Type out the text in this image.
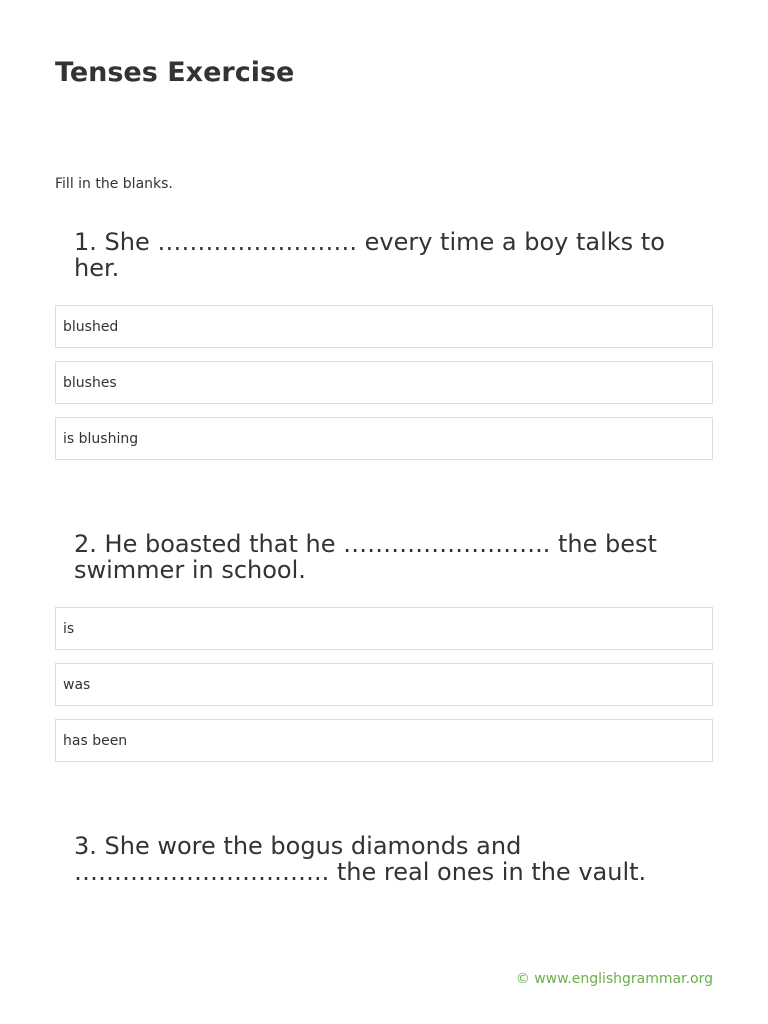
Tenses Exercise

Fill in the blanks.

1. She ……………………. every time a boy talks to her.

blushed
blushes
is blushing

2. He boasted that he …………………….. the best swimmer in school.

is
was
has been

3. She wore the bogus diamonds and ………………………….. the real ones in the vault.

© www.englishgrammar.org
